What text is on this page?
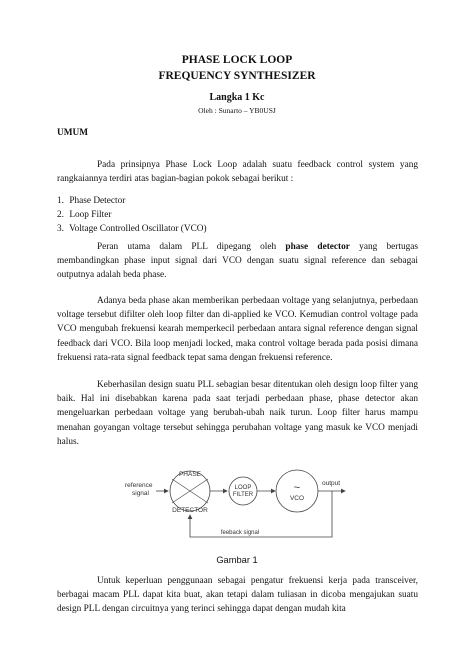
PHASE LOCK LOOP
FREQUENCY SYNTHESIZER
Langka 1 Kc
Oleh : Sunarto – YB0USJ
UMUM

Pada prinsipnya Phase Lock Loop adalah suatu feedback control system yang rangkaiannya terdiri atas bagian-bagian pokok sebagai berikut :

1. Phase Detector
2. Loop Filter
3. Voltage Controlled Oscillator (VCO)

Peran utama dalam PLL dipegang oleh phase detector yang bertugas membandingkan phase input signal dari VCO dengan suatu signal reference dan sebagai outputnya adalah beda phase.

Adanya beda phase akan memberikan perbedaan voltage yang selanjutnya, perbedaan voltage tersebut difilter oleh loop filter dan di-applied ke VCO. Kemudian control voltage pada VCO mengubah frekuensi kearah memperkecil perbedaan antara signal reference dengan signal feedback dari VCO. Bila loop menjadi locked, maka control voltage berada pada posisi dimana frekuensi rata-rata signal feedback tepat sama dengan frekuensi reference.

Keberhasilan design suatu PLL sebagian besar ditentukan oleh design loop filter yang baik. Hal ini disebabkan karena pada saat terjadi perbedaan phase, phase detector akan mengeluarkan perbedaan voltage yang berubah-ubah naik turun. Loop filter harus mampu menahan goyangan voltage tersebut sehingga perubahan voltage yang masuk ke VCO menjadi halus.

reference
signal
PHASE
DETECTOR
LOOP
FILTER
~
VCO
output
feeback signal
Gambar 1

Untuk keperluan penggunaan sebagai pengatur frekuensi kerja pada transceiver, berbagai macam PLL dapat kita buat, akan tetapi dalam tuliasan in dicoba mengajukan suatu design PLL dengan circuitnya yang terinci sehingga dapat dengan mudah kita
